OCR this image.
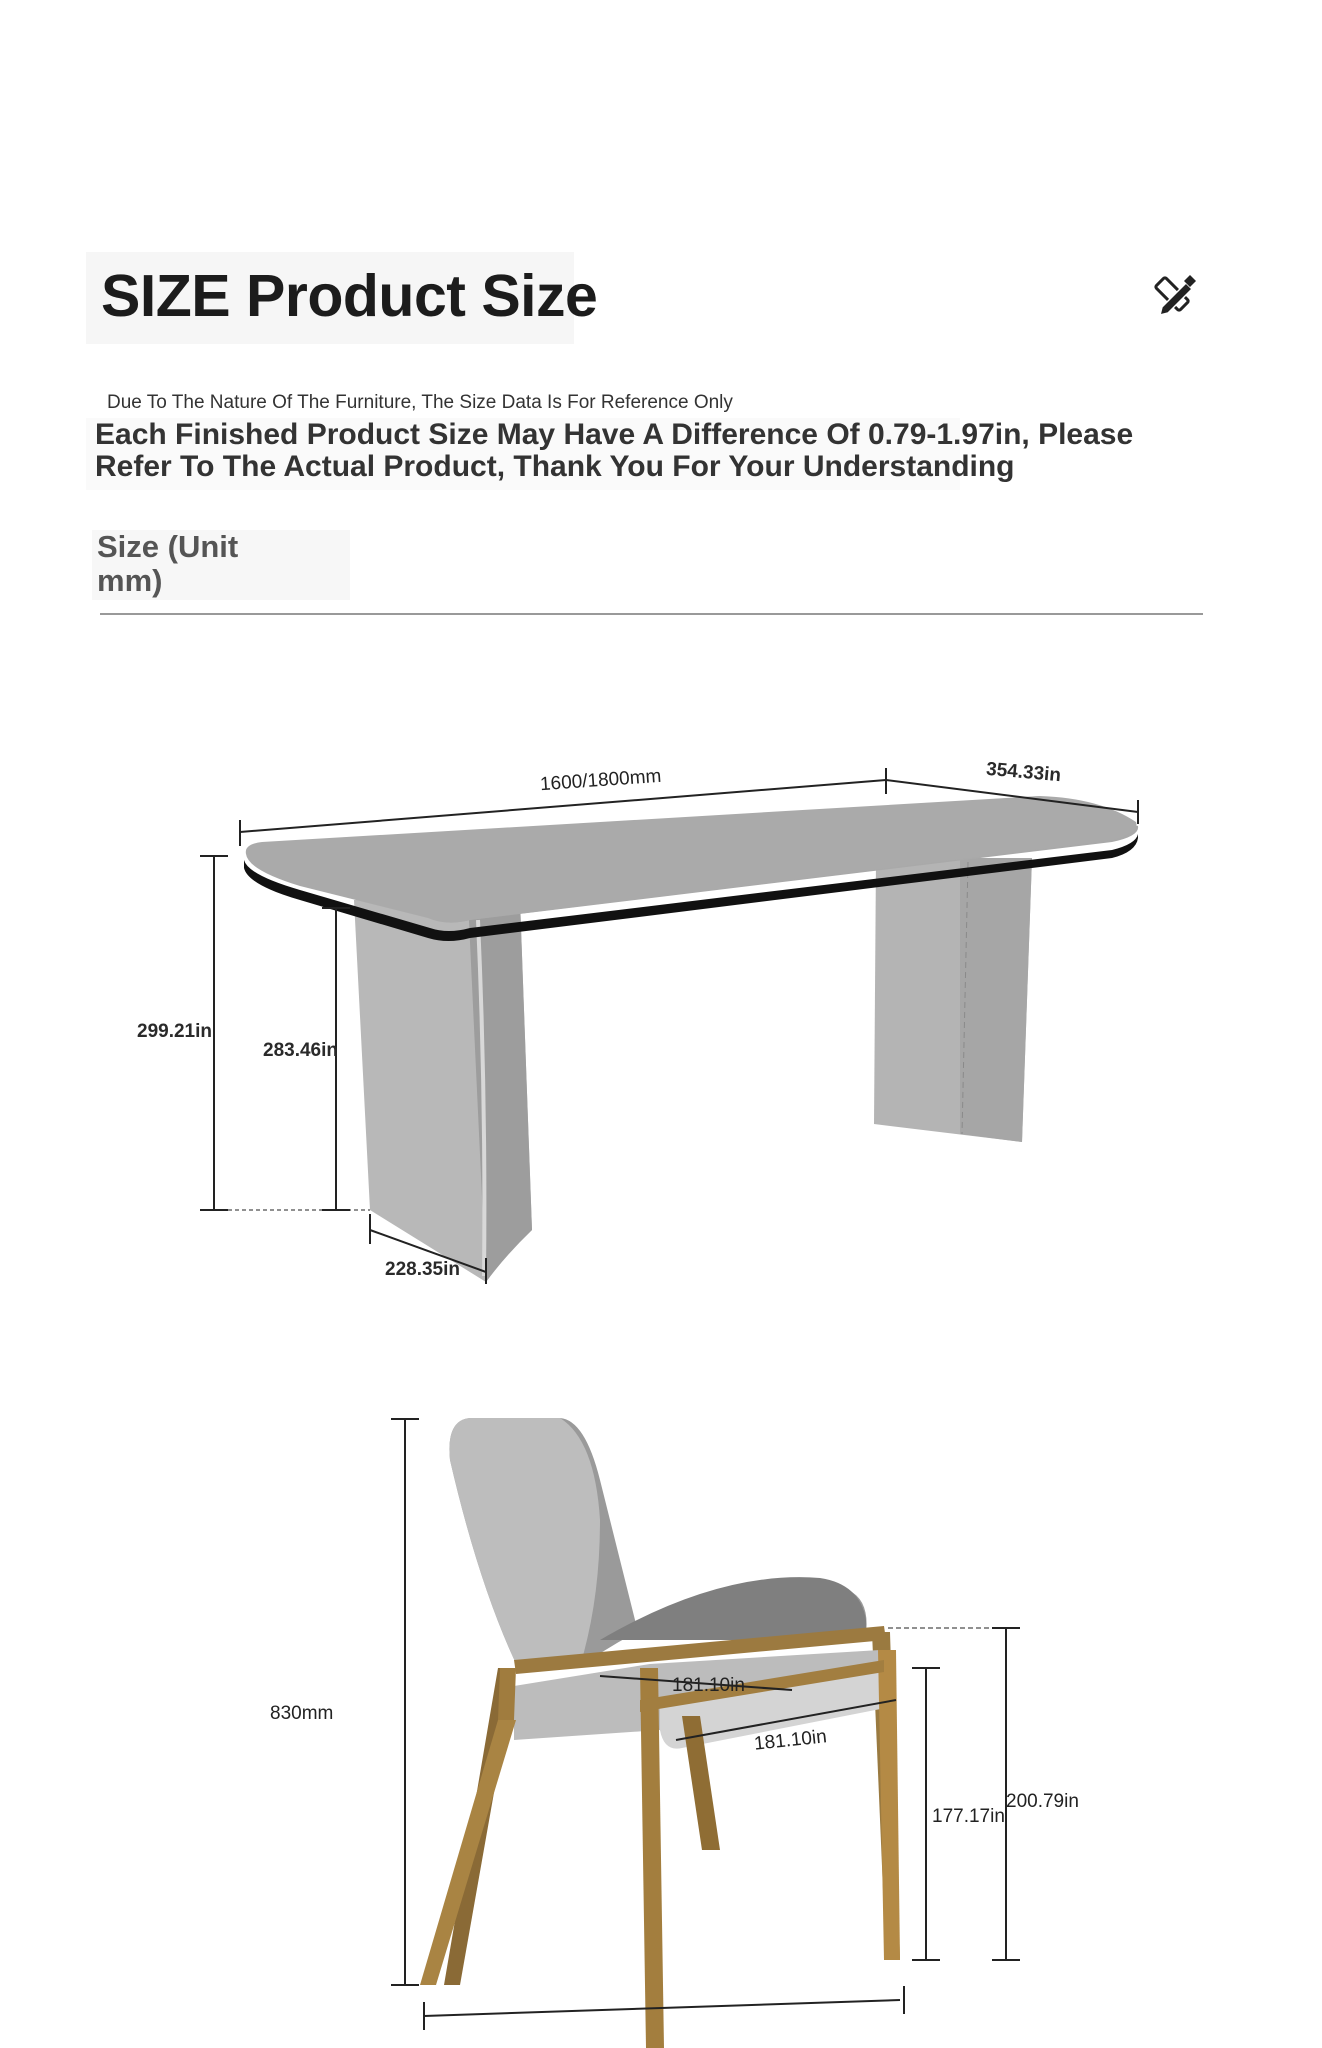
SIZE Product Size
Due To The Nature Of The Furniture, The Size Data Is For Reference Only
Each Finished Product Size May Have A Difference Of 0.79-1.97in, Please Refer To The Actual Product, Thank You For Your Understanding
Size (Unit mm)
1600/1800mm	354.33in
299.21in
283.46in
228.35in
830mm
181.10in
181.10in
177.17in
200.79in
